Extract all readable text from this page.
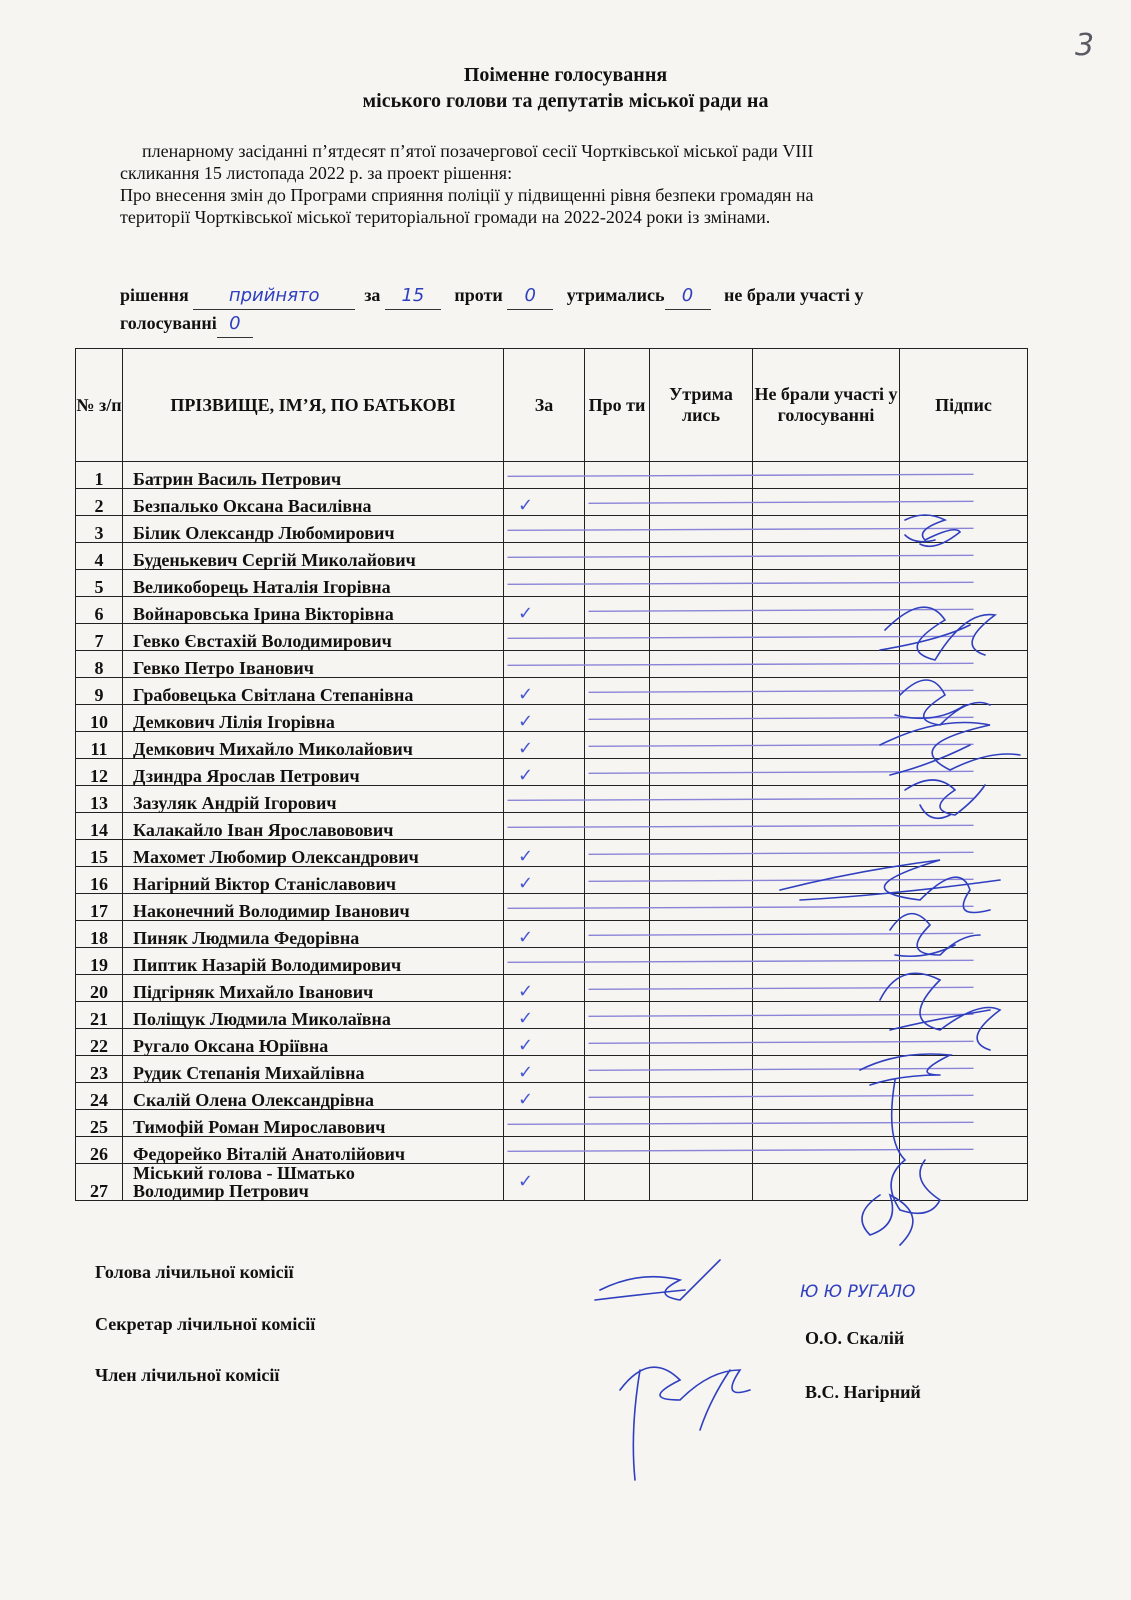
3
Поіменне голосування
міського голови та депутатів міської ради на
пленарному засіданні п’ятдесят п’ятої позачергової сесії Чортківської міської ради VIII
скликання 15 листопада 2022 р. за проект рішення:
Про внесення змін до Програми сприяння поліції у підвищенні рівня безпеки громадян на
території Чортківської міської територіальної громади на 2022-2024 роки із змінами.
рішення прийнято за 15 проти 0 утримались 0 не брали участі у
голосуванні 0
№ з/п	ПРІЗВИЩЕ, ІМ’Я, ПО БАТЬКОВІ	За	Про ти	Утрима лись	Не брали участі у голосуванні	Підпис
1	Батрин Василь Петрович					
2	Безпалько Оксана Василівна	✓				
3	Білик Олександр Любомирович					
4	Буденькевич Сергій Миколайович					
5	Великоборець Наталія Ігорівна					
6	Войнаровська Ірина Вікторівна	✓				
7	Гевко Євстахій Володимирович					
8	Гевко Петро Іванович					
9	Грабовецька Світлана Степанівна	✓				
10	Демкович Лілія Ігорівна	✓				
11	Демкович Михайло Миколайович	✓				
12	Дзиндра Ярослав Петрович	✓				
13	Зазуляк Андрій Ігорович					
14	Калакайло Іван Ярославовович					
15	Махомет Любомир Олександрович	✓				
16	Нагірний Віктор Станіславович	✓				
17	Наконечний Володимир Іванович					
18	Пиняк Людмила Федорівна	✓				
19	Пиптик Назарій Володимирович					
20	Підгірняк Михайло Іванович	✓				
21	Поліщук Людмила Миколаївна	✓				
22	Ругало Оксана Юріївна	✓				
23	Рудик Степанія Михайлівна	✓				
24	Скалій Олена Олександрівна	✓				
25	Тимофій Роман Мирославович					
26	Федорейко Віталій Анатолійович					
27	Міський голова - Шматько
Володимир Петрович	✓				
Голова лічильної комісії
Ю Ю РУГАЛО
Секретар лічильної комісії
О.О. Скалій
Член лічильної комісії
В.С. Нагірний
